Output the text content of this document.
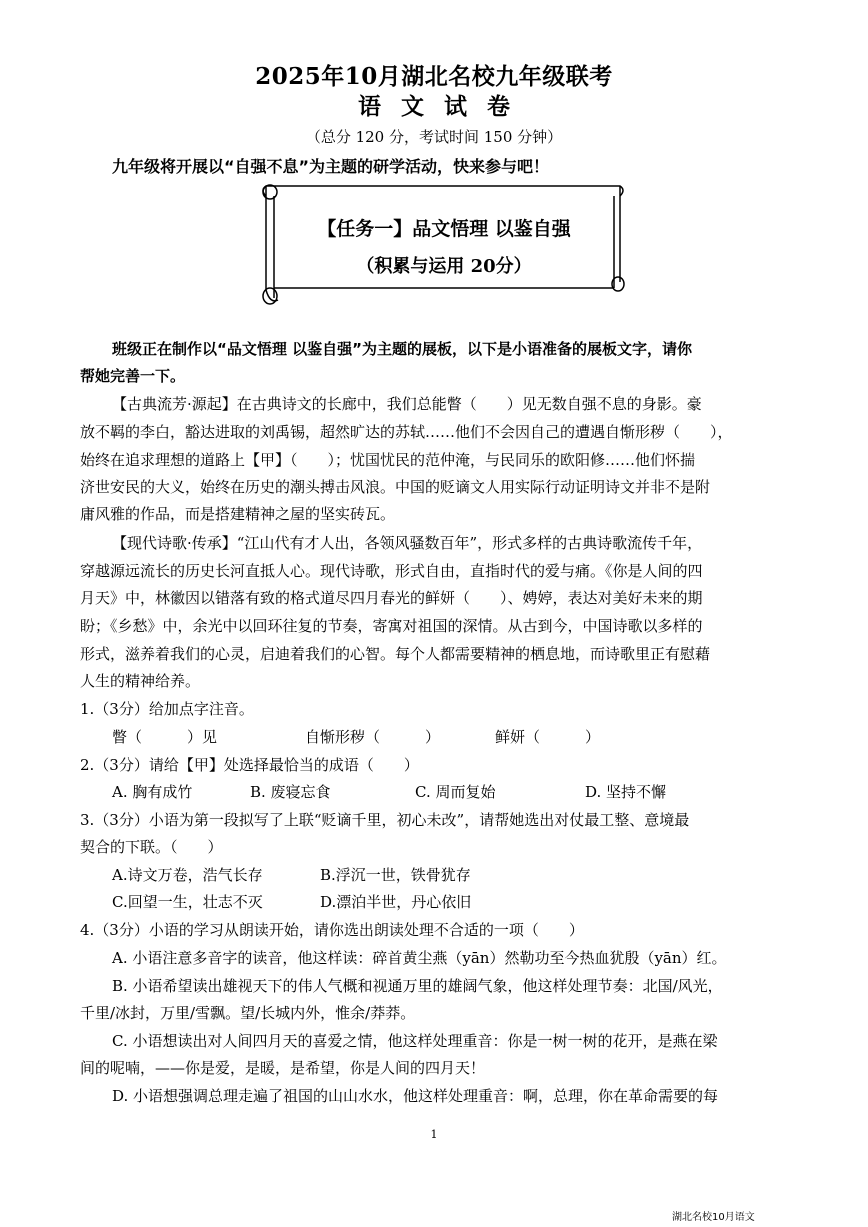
2025年10月湖北名校九年级联考
语文试卷
（总分 120 分，考试时间 150 分钟）
九年级将开展以“自强不息”为主题的研学活动，快来参与吧！
【任务一】品文悟理 以鉴自强
（积累与运用 20分）
班级正在制作以“品文悟理 以鉴自强”为主题的展板，以下是小语准备的展板文字，请你
帮她完善一下。
【古典流芳·源起】在古典诗文的长廊中，我们总能瞥（　　）见无数自强不息的身影。豪
放不羁的李白，豁达进取的刘禹锡，超然旷达的苏轼……他们不会因自己的遭遇自惭形秽（　　），
始终在追求理想的道路上【甲】（　　）；忧国忧民的范仲淹，与民同乐的欧阳修……他们怀揣
济世安民的大义，始终在历史的潮头搏击风浪。中国的贬谪文人用实际行动证明诗文并非不是附
庸风雅的作品，而是搭建精神之屋的坚实砖瓦。
【现代诗歌·传承】“江山代有才人出，各领风骚数百年”，形式多样的古典诗歌流传千年，
穿越源远流长的历史长河直抵人心。现代诗歌，形式自由，直指时代的爱与痛。《你是人间的四
月天》中，林徽因以错落有致的格式道尽四月春光的鲜妍（　　）、娉婷，表达对美好未来的期
盼；《乡愁》中，余光中以回环往复的节奏，寄寓对祖国的深情。从古到今，中国诗歌以多样的
形式，滋养着我们的心灵，启迪着我们的心智。每个人都需要精神的栖息地，而诗歌里正有慰藉
人生的精神给养。
1.（3分）给加点字注音。
瞥（　　　）见	自惭形秽（　　　）	鲜妍（　　　）
2.（3分）请给【甲】处选择最恰当的成语（　　）
A. 胸有成竹	B. 废寝忘食	C. 周而复始	D. 坚持不懈
3.（3分）小语为第一段拟写了上联“贬谪千里，初心未改”，请帮她选出对仗最工整、意境最
契合的下联。（　　）
A.诗文万卷，浩气长存	B.浮沉一世，铁骨犹存
C.回望一生，壮志不灭	D.漂泊半世，丹心依旧
4.（3分）小语的学习从朗读开始，请你选出朗读处理不合适的一项（　　）
A. 小语注意多音字的读音，他这样读：碎首黄尘燕（yān）然勒功至今热血犹殷（yān）红。
B. 小语希望读出雄视天下的伟人气概和视通万里的雄阔气象，他这样处理节奏：北国/风光，
千里/冰封，万里/雪飘。望/长城内外，惟余/莽莽。
C. 小语想读出对人间四月天的喜爱之情，他这样处理重音：你是一树一树的花开，是燕在梁
间的呢喃，——你是爱，是暖，是希望，你是人间的四月天！
D. 小语想强调总理走遍了祖国的山山水水，他这样处理重音：啊，总理，你在革命需要的每
1
湖北名校10月语文
